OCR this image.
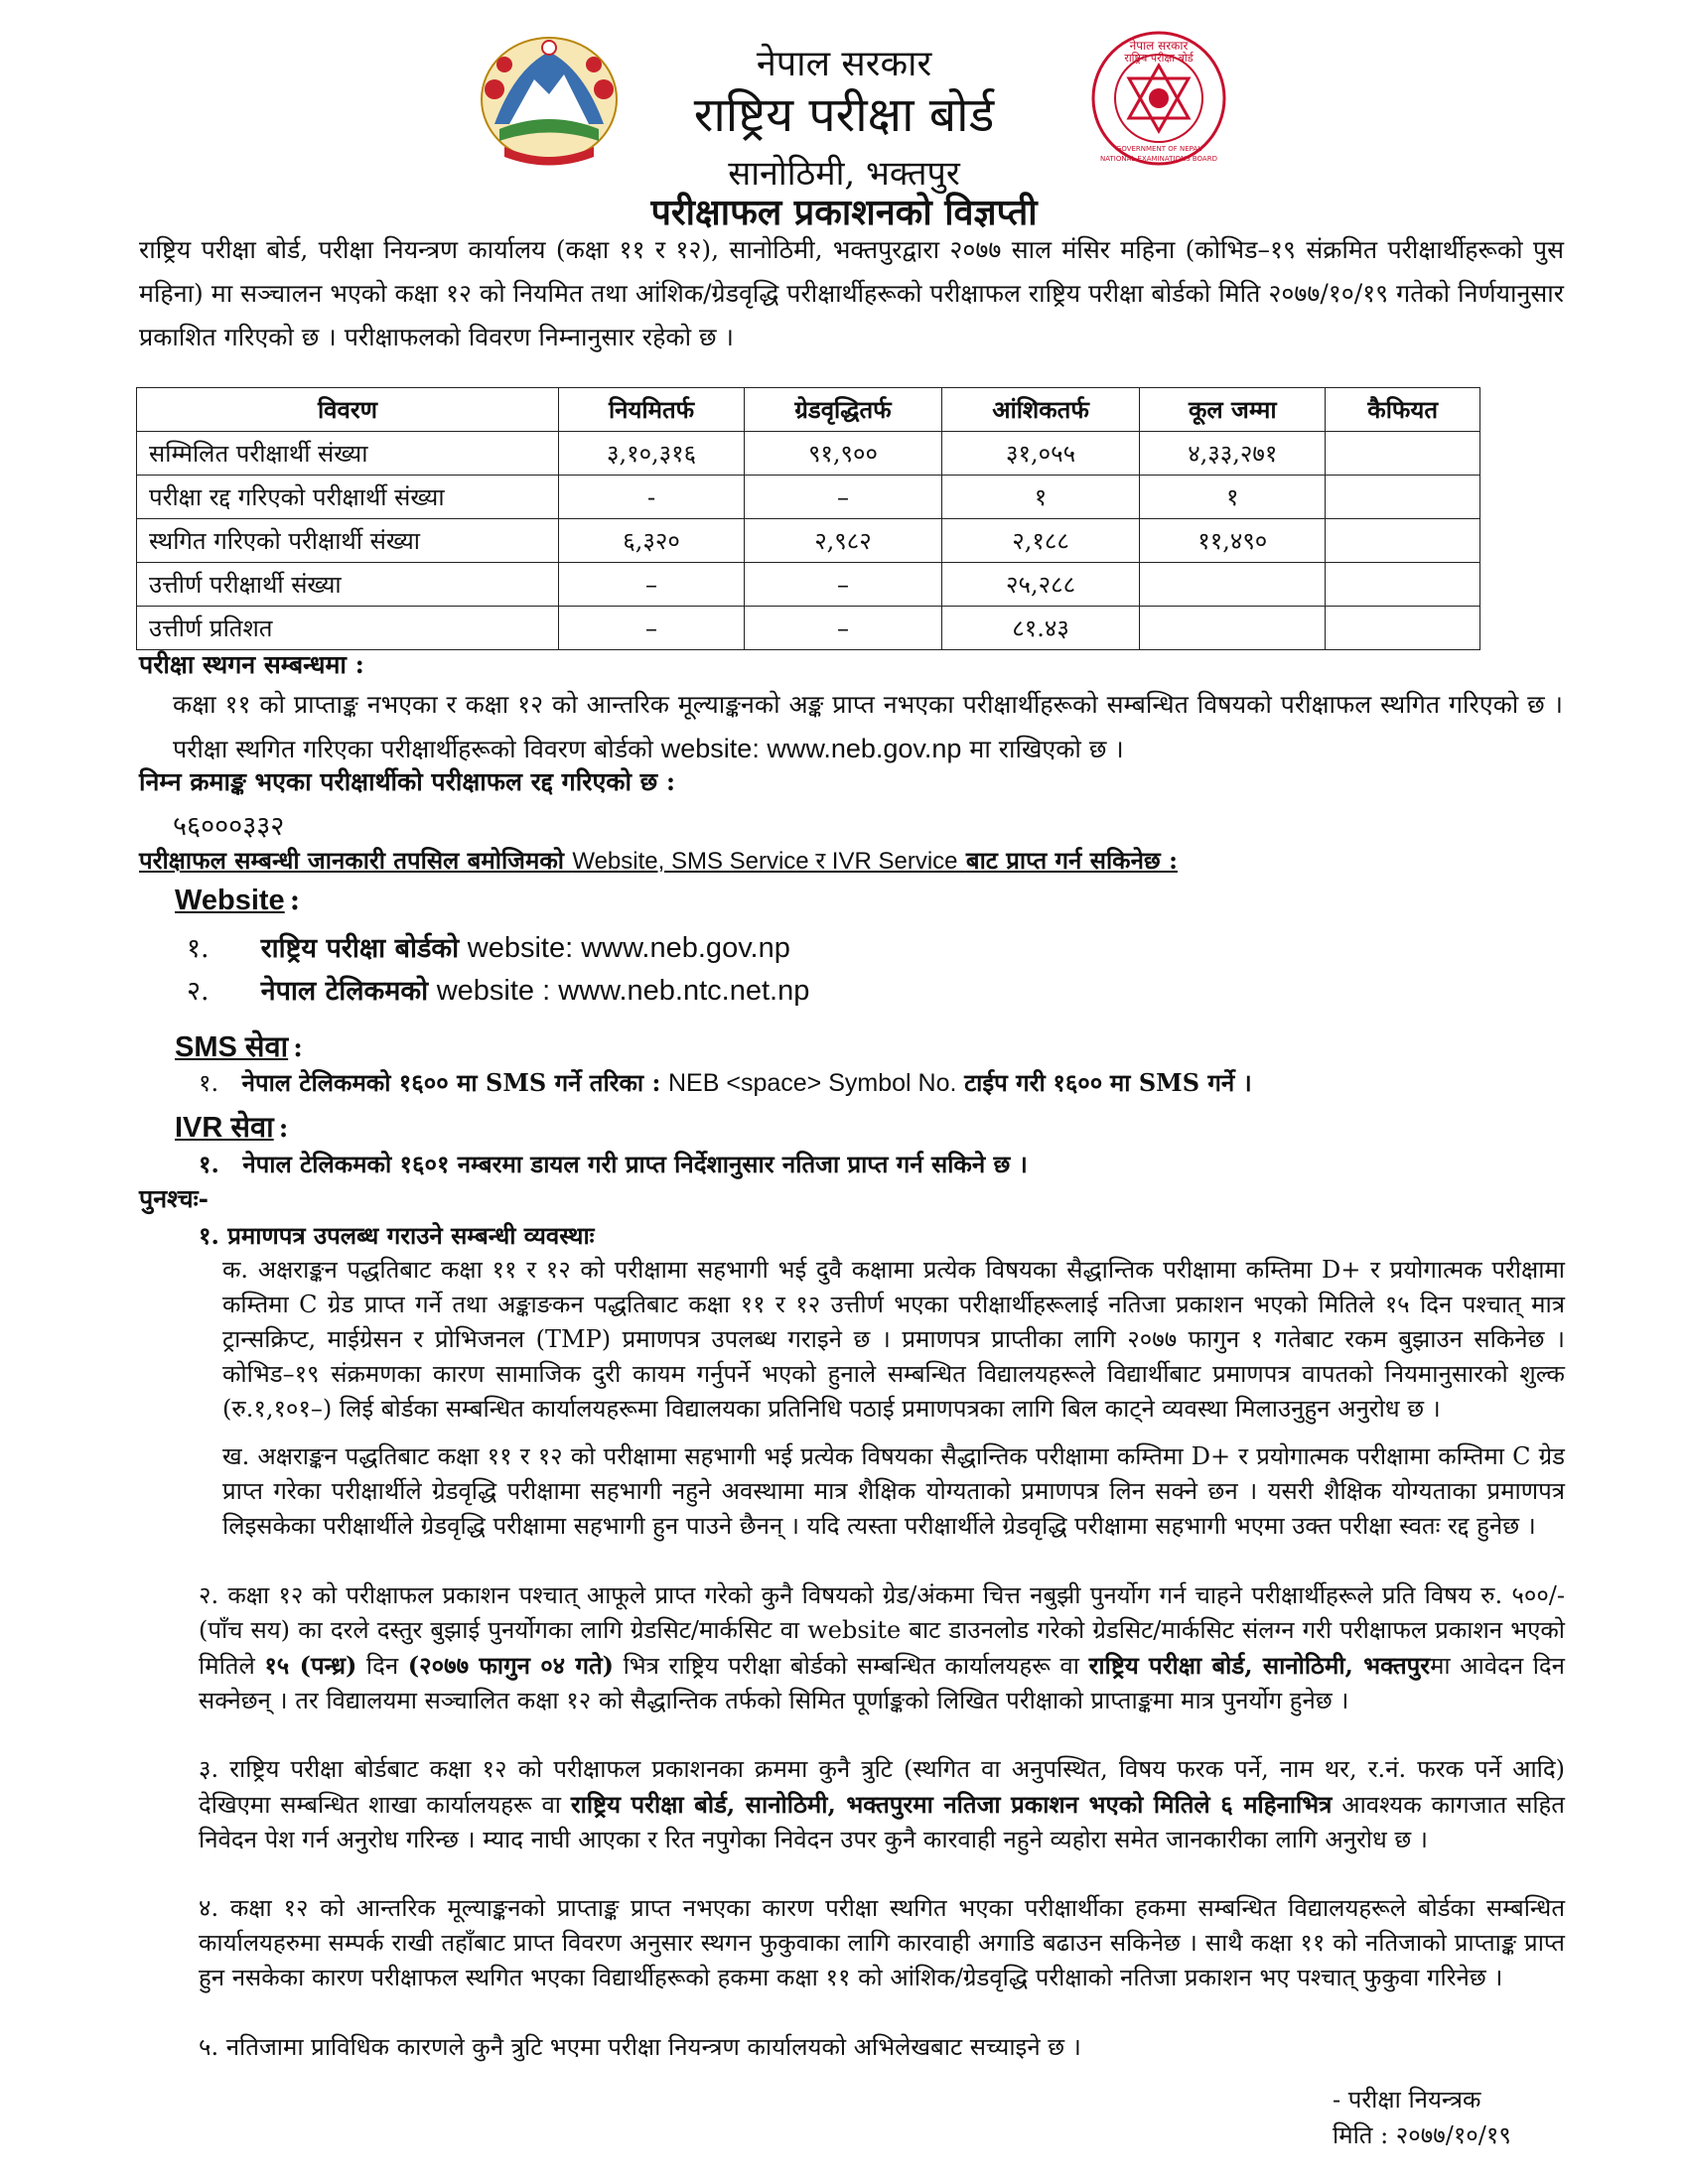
नेपाल सरकार
राष्ट्रिय परीक्षा बोर्ड
GOVERNMENT OF NEPAL
NATIONAL EXAMINATIONS BOARD
नेपाल सरकार
राष्ट्रिय परीक्षा बोर्ड
सानोठिमी, भक्तपुर
परीक्षाफल प्रकाशनको विज्ञप्ती
राष्ट्रिय परीक्षा बोर्ड, परीक्षा नियन्त्रण कार्यालय (कक्षा ११ र १२), सानोठिमी, भक्तपुरद्वारा २०७७ साल मंसिर महिना (कोभिड–१९ संक्रमित परीक्षार्थीहरूको पुस महिना) मा सञ्चालन भएको कक्षा १२ को नियमित तथा आंशिक/ग्रेडवृद्धि परीक्षार्थीहरूको परीक्षाफल राष्ट्रिय परीक्षा बोर्डको मिति २०७७/१०/१९ गतेको निर्णयानुसार प्रकाशित गरिएको छ । परीक्षाफलको विवरण निम्नानुसार रहेको छ ।
विवरण	नियमितर्फ	ग्रेडवृद्धितर्फ	आंशिकतर्फ	कूल जम्मा	कैफियत
सम्मिलित परीक्षार्थी संख्या	३,१०,३१६	९१,९००	३१,०५५	४,३३,२७१	
परीक्षा रद्द गरिएको परीक्षार्थी संख्या	-	–	१	१	
स्थगित गरिएको परीक्षार्थी संख्या	६,३२०	२,९८२	२,१८८	११,४९०	
उत्तीर्ण परीक्षार्थी संख्या	–	–	२५,२८८		
उत्तीर्ण प्रतिशत	–	–	८१.४३		
परीक्षा स्थगन सम्बन्धमा :
कक्षा ११ को प्राप्ताङ्क नभएका र कक्षा १२ को आन्तरिक मूल्याङ्कनको अङ्क प्राप्त नभएका परीक्षार्थीहरूको सम्बन्धित विषयको परीक्षाफल स्थगित गरिएको छ । परीक्षा स्थगित गरिएका परीक्षार्थीहरूको विवरण बोर्डको website: www.neb.gov.np मा राखिएको छ ।
निम्न क्रमाङ्क भएका परीक्षार्थीको परीक्षाफल रद्द गरिएको छ :
५६०००३३२
परीक्षाफल सम्बन्धी जानकारी तपसिल बमोजिमको Website, SMS Service र IVR Service बाट प्राप्त गर्न सकिनेछ :
Website :
१. राष्ट्रिय परीक्षा बोर्डको website: www.neb.gov.np
२. नेपाल टेलिकमको website : www.neb.ntc.net.np
SMS सेवा :
१. नेपाल टेलिकमको १६०० मा SMS गर्ने तरिका : NEB <space> Symbol No. टाईप गरी १६०० मा SMS गर्ने ।
IVR सेवा :
१. नेपाल टेलिकमको १६०१ नम्बरमा डायल गरी प्राप्त निर्देशानुसार नतिजा प्राप्त गर्न सकिने छ ।
पुनश्चः-
१. प्रमाणपत्र उपलब्ध गराउने सम्बन्धी व्यवस्थाः
क. अक्षराङ्कन पद्धतिबाट कक्षा ११ र १२ को परीक्षामा सहभागी भई दुवै कक्षामा प्रत्येक विषयका सैद्धान्तिक परीक्षामा कम्तिमा D+ र प्रयोगात्मक परीक्षामा कम्तिमा C ग्रेड प्राप्त गर्ने तथा अङ्काङकन पद्धतिबाट कक्षा ११ र १२ उत्तीर्ण भएका परीक्षार्थीहरूलाई नतिजा प्रकाशन भएको मितिले १५ दिन पश्चात् मात्र ट्रान्सक्रिप्ट, माईग्रेसन र प्रोभिजनल (TMP) प्रमाणपत्र उपलब्ध गराइने छ । प्रमाणपत्र प्राप्तीका लागि २०७७ फागुन १ गतेबाट रकम बुझाउन सकिनेछ । कोभिड–१९ संक्रमणका कारण सामाजिक दुरी कायम गर्नुपर्ने भएको हुनाले सम्बन्धित विद्यालयहरूले विद्यार्थीबाट प्रमाणपत्र वापतको नियमानुसारको शुल्क (रु.१,१०१–) लिई बोर्डका सम्बन्धित कार्यालयहरूमा विद्यालयका प्रतिनिधि पठाई प्रमाणपत्रका लागि बिल काट्ने व्यवस्था मिलाउनुहुन अनुरोध छ ।
ख. अक्षराङ्कन पद्धतिबाट कक्षा ११ र १२ को परीक्षामा सहभागी भई प्रत्येक विषयका सैद्धान्तिक परीक्षामा कम्तिमा D+ र प्रयोगात्मक परीक्षामा कम्तिमा C ग्रेड प्राप्त गरेका परीक्षार्थीले ग्रेडवृद्धि परीक्षामा सहभागी नहुने अवस्थामा मात्र शैक्षिक योग्यताको प्रमाणपत्र लिन सक्ने छन । यसरी शैक्षिक योग्यताका प्रमाणपत्र लिइसकेका परीक्षार्थीले ग्रेडवृद्धि परीक्षामा सहभागी हुन पाउने छैनन् । यदि त्यस्ता परीक्षार्थीले ग्रेडवृद्धि परीक्षामा सहभागी भएमा उक्त परीक्षा स्वतः रद्द हुनेछ ।
२. कक्षा १२ को परीक्षाफल प्रकाशन पश्चात् आफूले प्राप्त गरेको कुनै विषयको ग्रेड/अंकमा चित्त नबुझी पुनर्योग गर्न चाहने परीक्षार्थीहरूले प्रति विषय रु. ५००/- (पाँच सय) का दरले दस्तुर बुझाई पुनर्योगका लागि ग्रेडसिट/मार्कसिट वा website बाट डाउनलोड गरेको ग्रेडसिट/मार्कसिट संलग्न गरी परीक्षाफल प्रकाशन भएको मितिले १५ (पन्ध्र) दिन (२०७७ फागुन ०४ गते) भित्र राष्ट्रिय परीक्षा बोर्डको सम्बन्धित कार्यालयहरू वा राष्ट्रिय परीक्षा बोर्ड, सानोठिमी, भक्तपुरमा आवेदन दिन सक्नेछन् । तर विद्यालयमा सञ्चालित कक्षा १२ को सैद्धान्तिक तर्फको सिमित पूर्णाङ्कको लिखित परीक्षाको प्राप्ताङ्कमा मात्र पुनर्योग हुनेछ ।
३. राष्ट्रिय परीक्षा बोर्डबाट कक्षा १२ को परीक्षाफल प्रकाशनका क्रममा कुनै त्रुटि (स्थगित वा अनुपस्थित, विषय फरक पर्ने, नाम थर, र.नं. फरक पर्ने आदि) देखिएमा सम्बन्धित शाखा कार्यालयहरू वा राष्ट्रिय परीक्षा बोर्ड, सानोठिमी, भक्तपुरमा नतिजा प्रकाशन भएको मितिले ६ महिनाभित्र आवश्यक कागजात सहित निवेदन पेश गर्न अनुरोध गरिन्छ । म्याद नाघी आएका र रित नपुगेका निवेदन उपर कुनै कारवाही नहुने व्यहोरा समेत जानकारीका लागि अनुरोध छ ।
४. कक्षा १२ को आन्तरिक मूल्याङ्कनको प्राप्ताङ्क प्राप्त नभएका कारण परीक्षा स्थगित भएका परीक्षार्थीका हकमा सम्बन्धित विद्यालयहरूले बोर्डका सम्बन्धित कार्यालयहरुमा सम्पर्क राखी तहाँबाट प्राप्त विवरण अनुसार स्थगन फुकुवाका लागि कारवाही अगाडि बढाउन सकिनेछ । साथै कक्षा ११ को नतिजाको प्राप्ताङ्क प्राप्त हुन नसकेका कारण परीक्षाफल स्थगित भएका विद्यार्थीहरूको हकमा कक्षा ११ को आंशिक/ग्रेडवृद्धि परीक्षाको नतिजा प्रकाशन भए पश्चात् फुकुवा गरिनेछ ।
५. नतिजामा प्राविधिक कारणले कुनै त्रुटि भएमा परीक्षा नियन्त्रण कार्यालयको अभिलेखबाट सच्याइने छ ।
- परीक्षा नियन्त्रक
मिति : २०७७/१०/१९
